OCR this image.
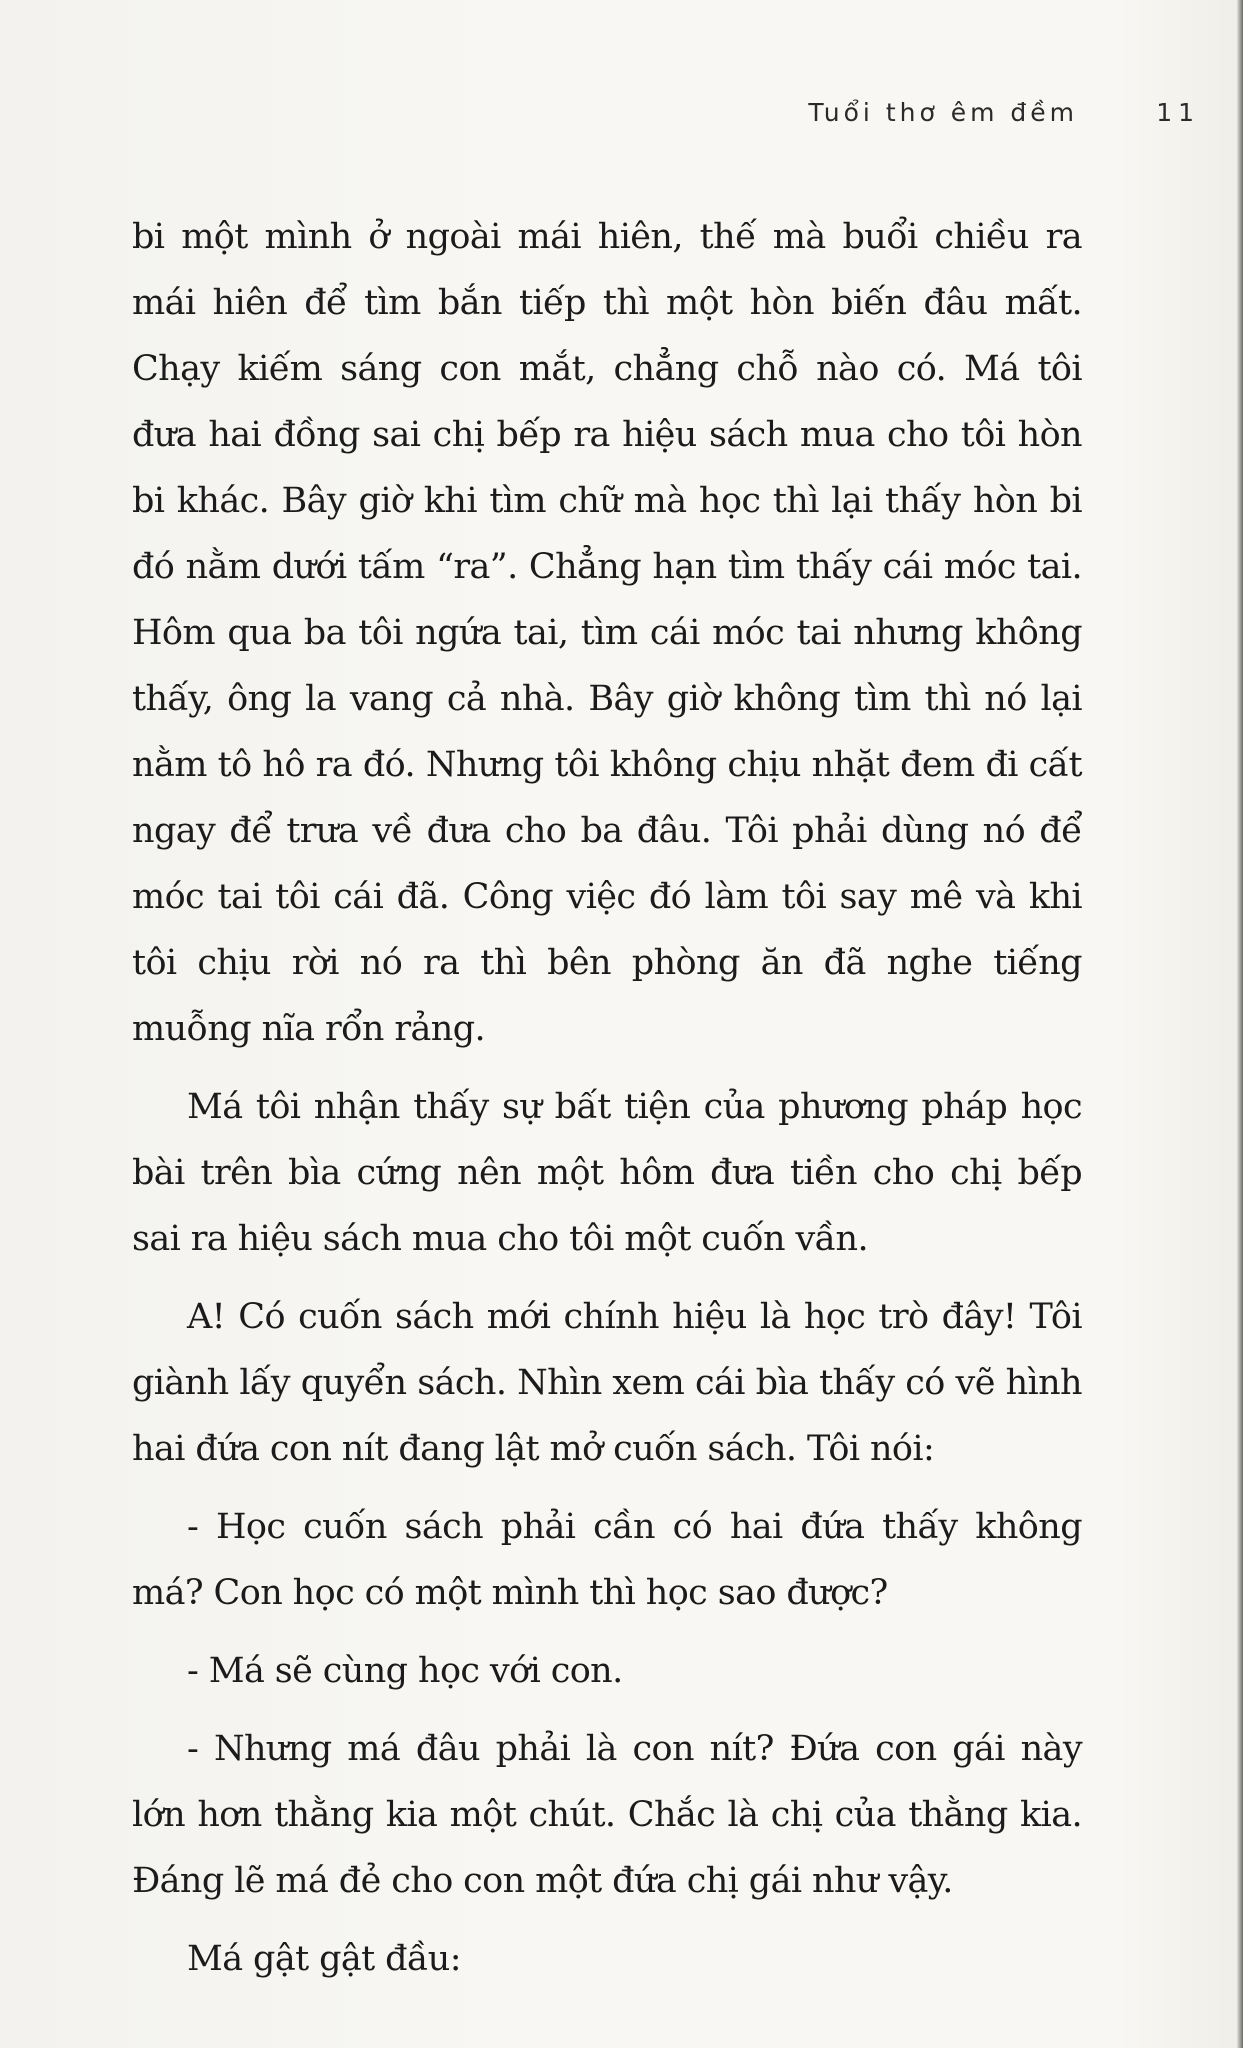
Tuổi thơ êm đềm	11

bi một mình ở ngoài mái hiên, thế mà buổi chiều ra mái hiên để tìm bắn tiếp thì một hòn biến đâu mất. Chạy kiếm sáng con mắt, chẳng chỗ nào có. Má tôi đưa hai đồng sai chị bếp ra hiệu sách mua cho tôi hòn bi khác. Bây giờ khi tìm chữ mà học thì lại thấy hòn bi đó nằm dưới tấm “ra”. Chẳng hạn tìm thấy cái móc tai. Hôm qua ba tôi ngứa tai, tìm cái móc tai nhưng không thấy, ông la vang cả nhà. Bây giờ không tìm thì nó lại nằm tô hô ra đó. Nhưng tôi không chịu nhặt đem đi cất ngay để trưa về đưa cho ba đâu. Tôi phải dùng nó để móc tai tôi cái đã. Công việc đó làm tôi say mê và khi tôi chịu rời nó ra thì bên phòng ăn đã nghe tiếng muỗng nĩa rổn rảng.

Má tôi nhận thấy sự bất tiện của phương pháp học bài trên bìa cứng nên một hôm đưa tiền cho chị bếp sai ra hiệu sách mua cho tôi một cuốn vần.

A! Có cuốn sách mới chính hiệu là học trò đây! Tôi giành lấy quyển sách. Nhìn xem cái bìa thấy có vẽ hình hai đứa con nít đang lật mở cuốn sách. Tôi nói:

- Học cuốn sách phải cần có hai đứa thấy không má? Con học có một mình thì học sao được?

- Má sẽ cùng học với con.

- Nhưng má đâu phải là con nít? Đứa con gái này lớn hơn thằng kia một chút. Chắc là chị của thằng kia. Đáng lẽ má đẻ cho con một đứa chị gái như vậy.

Má gật gật đầu:
